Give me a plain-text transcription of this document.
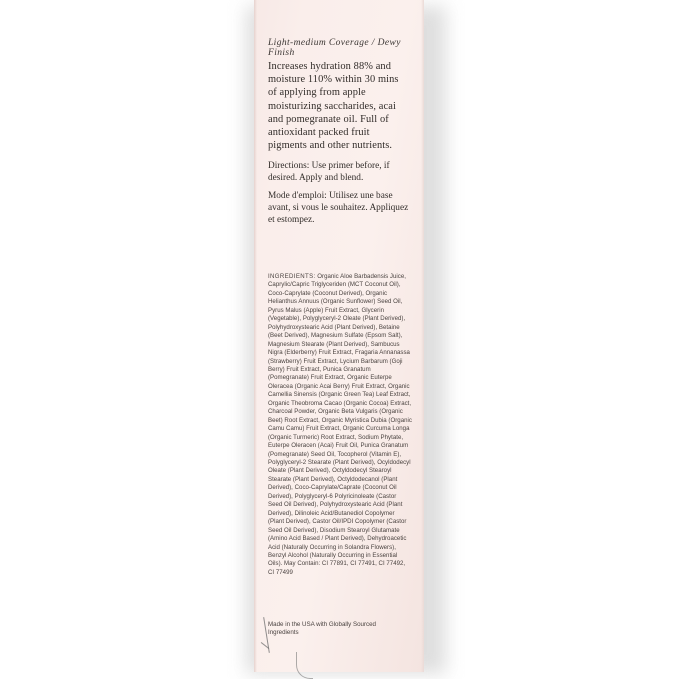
Light-medium Coverage / Dewy Finish
Increases hydration 88% and moisture 110% within 30 mins of applying from apple moisturizing saccharides, acai and pomegranate oil. Full of antioxidant packed fruit pigments and other nutrients.
Directions: Use primer before, if desired. Apply and blend.
Mode d'emploi: Utilisez une base avant, si vous le souhaitez. Appliquez et estompez.
INGREDIENTS: Organic Aloe Barbadensis Juice, Caprylic/Capric Triglyceriden (MCT Coconut Oil), Coco-Caprylate (Coconut Derived), Organic Helianthus Annuus (Organic Sunflower) Seed Oil, Pyrus Malus (Apple) Fruit Extract, Glycerin (Vegetable), Polyglyceryl-2 Oleate (Plant Derived), Polyhydroxystearic Acid (Plant Derived), Betaine (Beet Derived), Magnesium Sulfate (Epsom Salt), Magnesium Stearate (Plant Derived), Sambucus Nigra (Elderberry) Fruit Extract, Fragaria Annanassa (Strawberry) Fruit Extract, Lycium Barbarum (Goji Berry) Fruit Extract, Punica Granatum (Pomegranate) Fruit Extract, Organic Euterpe Oleracea (Organic Acai Berry) Fruit Extract, Organic Camellia Sinensis (Organic Green Tea) Leaf Extract, Organic Theobroma Cacao (Organic Cocoa) Extract, Charcoal Powder, Organic Beta Vulgaris (Organic Beet) Root Extract, Organic Myristica Dubia (Organic Camu Camu) Fruit Extract, Organic Curcuma Longa (Organic Turmeric) Root Extract, Sodium Phytate, Euterpe Oleracen (Acai) Fruit Oil, Punica Granatum (Pomegranate) Seed Oil, Tocopherol (Vitamin E), Polyglyceryl-2 Stearate (Plant Derived), Ocyldodecyl Oleate (Plant Derived), Octyldodecyl Stearoyl Stearate (Plant Derived), Octyldodecanol (Plant Derived), Coco-Caprylate/Caprate (Coconut Oil Derived), Polyglyceryl-6 Polyricinoleate (Castor Seed Oil Derived), Polyhydroxystearic Acid (Plant Derived), Dilinoleic Acid/Butanediol Copolymer (Plant Derived), Castor Oil/IPDI Copolymer (Castor Seed Oil Derived), Disodium Stearoyl Glutamate (Amino Acid Based / Plant Derived), Dehydroacetic Acid (Naturally Occurring in Solandra Flowers), Benzyl Alcohol (Naturally Occurring in Essential Oils). May Contain: CI 77891, CI 77491, CI 77492, CI 77499
Made in the USA with Globally Sourced Ingredients
